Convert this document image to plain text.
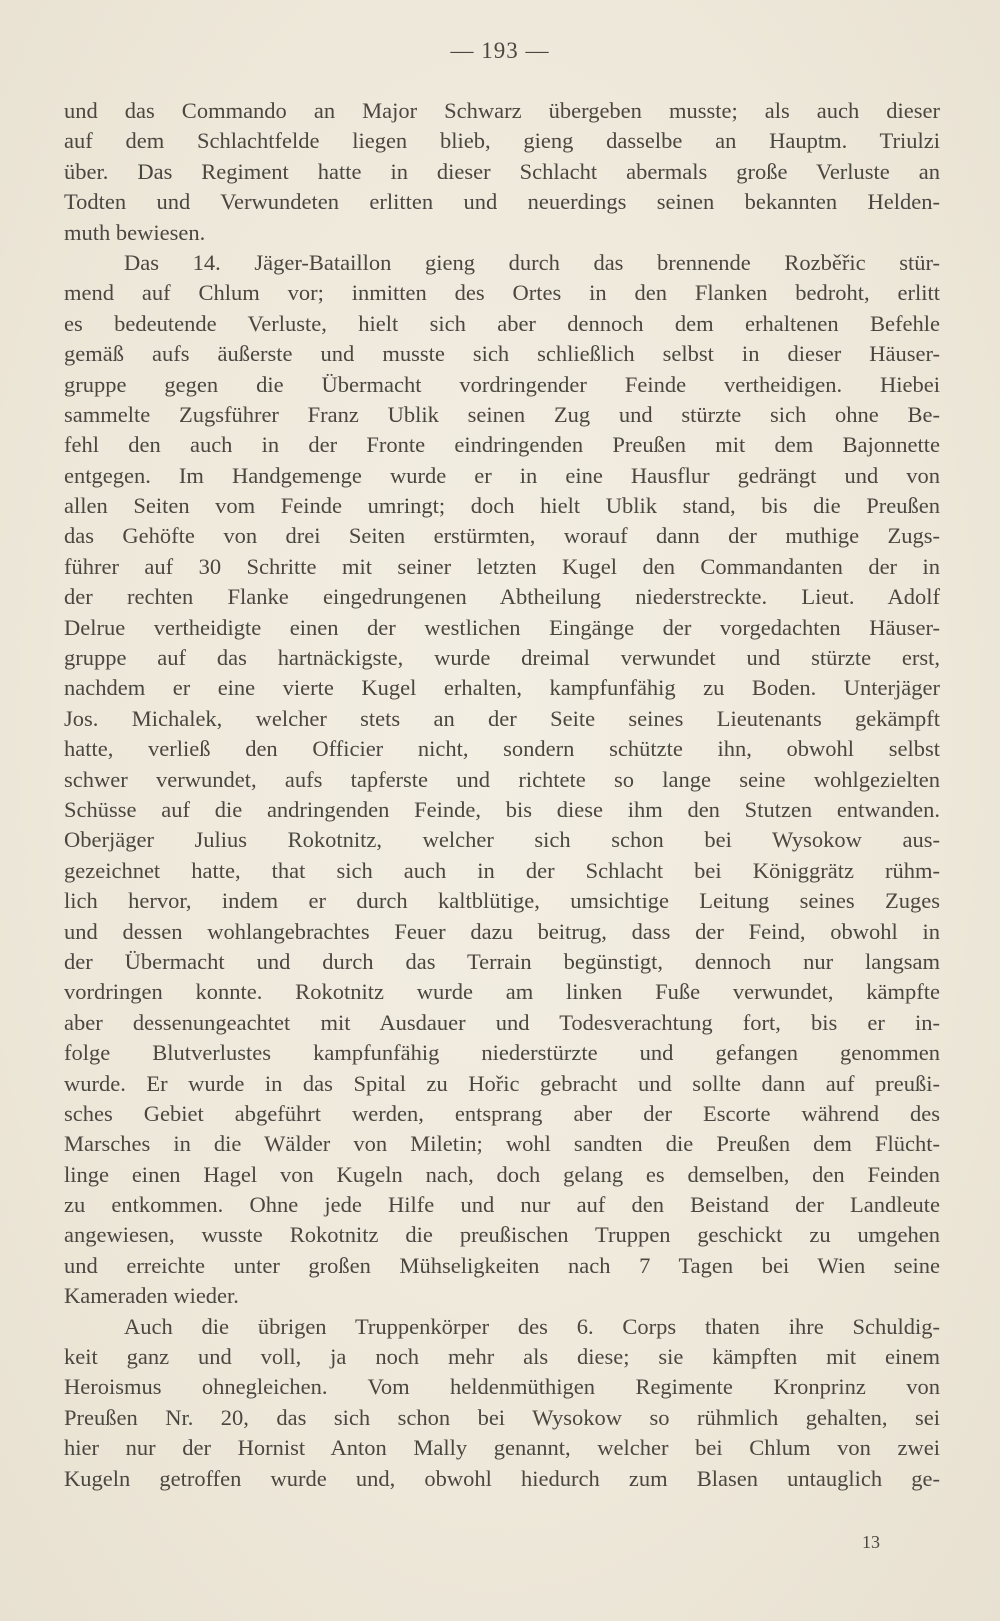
— 193 —
und das Commando an Major Schwarz übergeben musste; als auch dieser
auf dem Schlachtfelde liegen blieb, gieng dasselbe an Hauptm. Triulzi
über. Das Regiment hatte in dieser Schlacht abermals große Verluste an
Todten und Verwundeten erlitten und neuerdings seinen bekannten Helden-
muth bewiesen.
Das 14. Jäger-Bataillon gieng durch das brennende Rozběřic stür-
mend auf Chlum vor; inmitten des Ortes in den Flanken bedroht, erlitt
es bedeutende Verluste, hielt sich aber dennoch dem erhaltenen Befehle
gemäß aufs äußerste und musste sich schließlich selbst in dieser Häuser-
gruppe gegen die Übermacht vordringender Feinde vertheidigen. Hiebei
sammelte Zugsführer Franz Ublik seinen Zug und stürzte sich ohne Be-
fehl den auch in der Fronte eindringenden Preußen mit dem Bajonnette
entgegen. Im Handgemenge wurde er in eine Hausflur gedrängt und von
allen Seiten vom Feinde umringt; doch hielt Ublik stand, bis die Preußen
das Gehöfte von drei Seiten erstürmten, worauf dann der muthige Zugs-
führer auf 30 Schritte mit seiner letzten Kugel den Commandanten der in
der rechten Flanke eingedrungenen Abtheilung niederstreckte. Lieut. Adolf
Delrue vertheidigte einen der westlichen Eingänge der vorgedachten Häuser-
gruppe auf das hartnäckigste, wurde dreimal verwundet und stürzte erst,
nachdem er eine vierte Kugel erhalten, kampfunfähig zu Boden. Unterjäger
Jos. Michalek, welcher stets an der Seite seines Lieutenants gekämpft
hatte, verließ den Officier nicht, sondern schützte ihn, obwohl selbst
schwer verwundet, aufs tapferste und richtete so lange seine wohlgezielten
Schüsse auf die andringenden Feinde, bis diese ihm den Stutzen entwanden.
Oberjäger Julius Rokotnitz, welcher sich schon bei Wysokow aus-
gezeichnet hatte, that sich auch in der Schlacht bei Königgrätz rühm-
lich hervor, indem er durch kaltblütige, umsichtige Leitung seines Zuges
und dessen wohlangebrachtes Feuer dazu beitrug, dass der Feind, obwohl in
der Übermacht und durch das Terrain begünstigt, dennoch nur langsam
vordringen konnte. Rokotnitz wurde am linken Fuße verwundet, kämpfte
aber dessenungeachtet mit Ausdauer und Todesverachtung fort, bis er in-
folge Blutverlustes kampfunfähig niederstürzte und gefangen genommen
wurde. Er wurde in das Spital zu Hořic gebracht und sollte dann auf preußi-
sches Gebiet abgeführt werden, entsprang aber der Escorte während des
Marsches in die Wälder von Miletin; wohl sandten die Preußen dem Flücht-
linge einen Hagel von Kugeln nach, doch gelang es demselben, den Feinden
zu entkommen. Ohne jede Hilfe und nur auf den Beistand der Landleute
angewiesen, wusste Rokotnitz die preußischen Truppen geschickt zu umgehen
und erreichte unter großen Mühseligkeiten nach 7 Tagen bei Wien seine
Kameraden wieder.
Auch die übrigen Truppenkörper des 6. Corps thaten ihre Schuldig-
keit ganz und voll, ja noch mehr als diese; sie kämpften mit einem
Heroismus ohnegleichen. Vom heldenmüthigen Regimente Kronprinz von
Preußen Nr. 20, das sich schon bei Wysokow so rühmlich gehalten, sei
hier nur der Hornist Anton Mally genannt, welcher bei Chlum von zwei
Kugeln getroffen wurde und, obwohl hiedurch zum Blasen untauglich ge-
13
